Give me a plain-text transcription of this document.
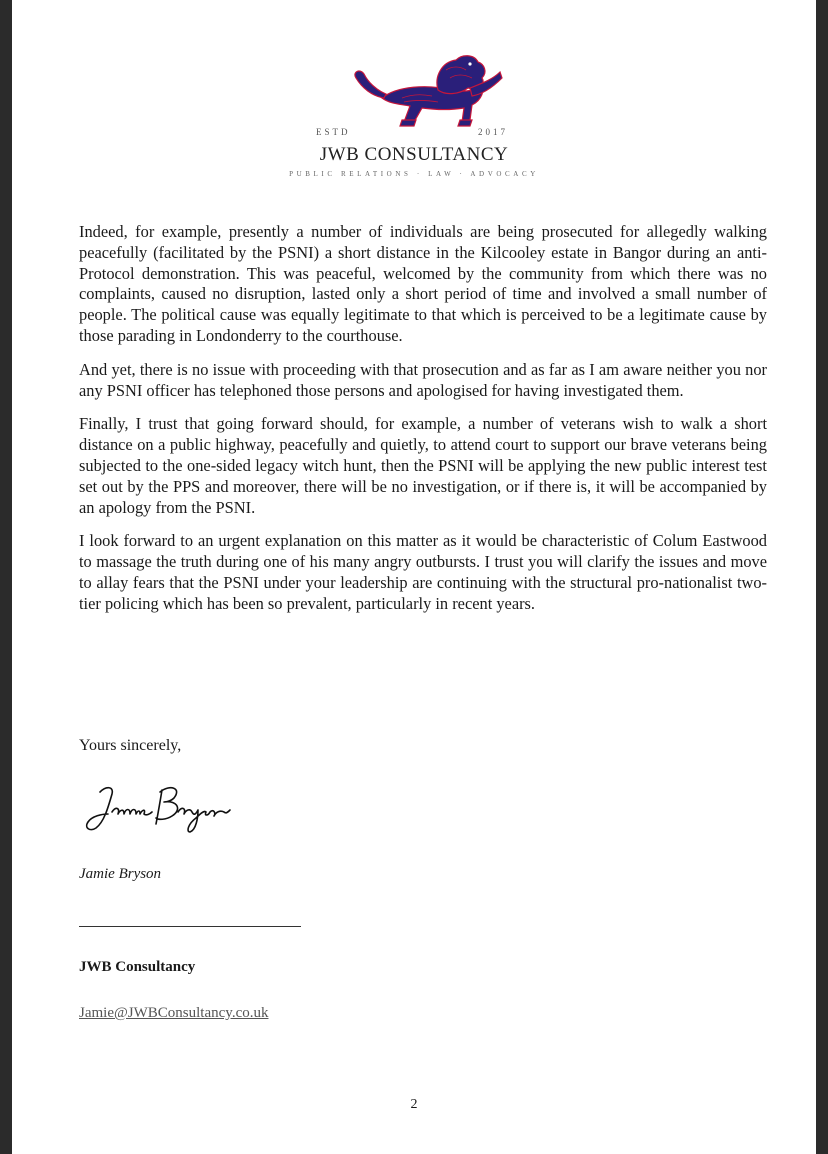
ESTD	2017
JWB CONSULTANCY
PUBLIC RELATIONS · LAW · ADVOCACY

Indeed, for example, presently a number of individuals are being prosecuted for allegedly walking peacefully (facilitated by the PSNI) a short distance in the Kilcooley estate in Bangor during an anti-Protocol demonstration. This was peaceful, welcomed by the community from which there was no complaints, caused no disruption, lasted only a short period of time and involved a small number of people. The political cause was equally legitimate to that which is perceived to be a legitimate cause by those parading in Londonderry to the courthouse.

And yet, there is no issue with proceeding with that prosecution and as far as I am aware neither you nor any PSNI officer has telephoned those persons and apologised for having investigated them.

Finally, I trust that going forward should, for example, a number of veterans wish to walk a short distance on a public highway, peacefully and quietly, to attend court to support our brave veterans being subjected to the one-sided legacy witch hunt, then the PSNI will be applying the new public interest test set out by the PPS and moreover, there will be no investigation, or if there is, it will be accompanied by an apology from the PSNI.

I look forward to an urgent explanation on this matter as it would be characteristic of Colum Eastwood to massage the truth during one of his many angry outbursts. I trust you will clarify the issues and move to allay fears that the PSNI under your leadership are continuing with the structural pro-nationalist two-tier policing which has been so prevalent, particularly in recent years.

Yours sincerely,
Jamie Bryson
JWB Consultancy
Jamie@JWBConsultancy.co.uk
2
